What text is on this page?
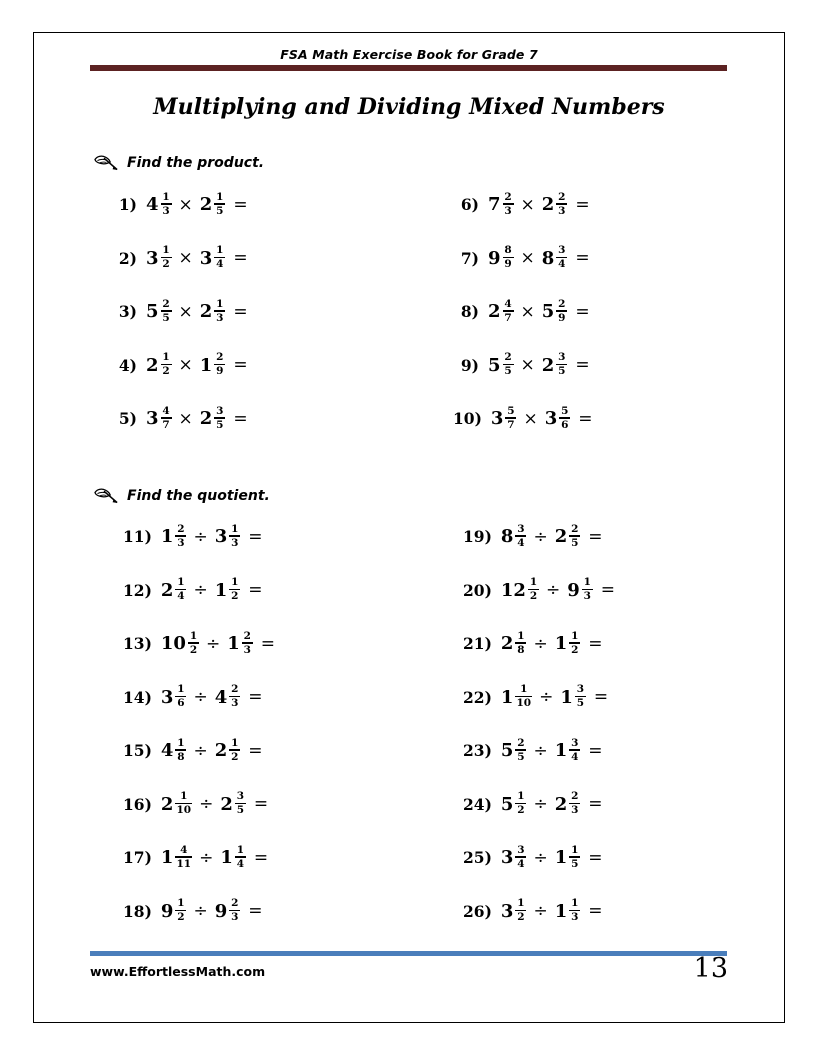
FSA Math Exercise Book for Grade 7
Multiplying and Dividing Mixed Numbers
Find the product.
1) $4 \frac{1}{3} \times 2 \frac{1}{5}$ =	6) $7 \frac{2}{3} \times 2 \frac{2}{3}$ =
2) $3 \frac{1}{2} \times 3 \frac{1}{4}$ =	7) $9 \frac{8}{9} \times 8 \frac{3}{4}$ =
3) $5 \frac{2}{5} \times 2 \frac{1}{3}$ =	8) $2 \frac{4}{7} \times 5 \frac{2}{9}$ =
4) $2 \frac{1}{2} \times 1 \frac{2}{9}$ =	9) $5 \frac{2}{5} \times 2 \frac{3}{5}$ =
5) $3 \frac{4}{7} \times 2 \frac{3}{5}$ =	10) $3 \frac{5}{7} \times 3 \frac{5}{6}$ =
Find the quotient.
11) $1 \frac{2}{3} \div 3 \frac{1}{3}$ =	19) $8 \frac{3}{4} \div 2 \frac{2}{5}$ =
12) $2 \frac{1}{4} \div 1 \frac{1}{2}$ =	20) $12 \frac{1}{2} \div 9 \frac{1}{3}$ =
13) $10 \frac{1}{2} \div 1 \frac{2}{3}$ =	21) $2 \frac{1}{8} \div 1 \frac{1}{2}$ =
14) $3 \frac{1}{6} \div 4 \frac{2}{3}$ =	22) $1 \frac{1}{10} \div 1 \frac{3}{5}$ =
15) $4 \frac{1}{8} \div 2 \frac{1}{2}$ =	23) $5 \frac{2}{5} \div 1 \frac{3}{4}$ =
16) $2 \frac{1}{10} \div 2 \frac{3}{5}$ =	24) $5 \frac{1}{2} \div 2 \frac{2}{3}$ =
17) $1 \frac{4}{11} \div 1 \frac{1}{4}$ =	25) $3 \frac{3}{4} \div 1 \frac{1}{5}$ =
18) $9 \frac{1}{2} \div 9 \frac{2}{3}$ =	26) $3 \frac{1}{2} \div 1 \frac{1}{3}$ =
www.EffortlessMath.com	13
